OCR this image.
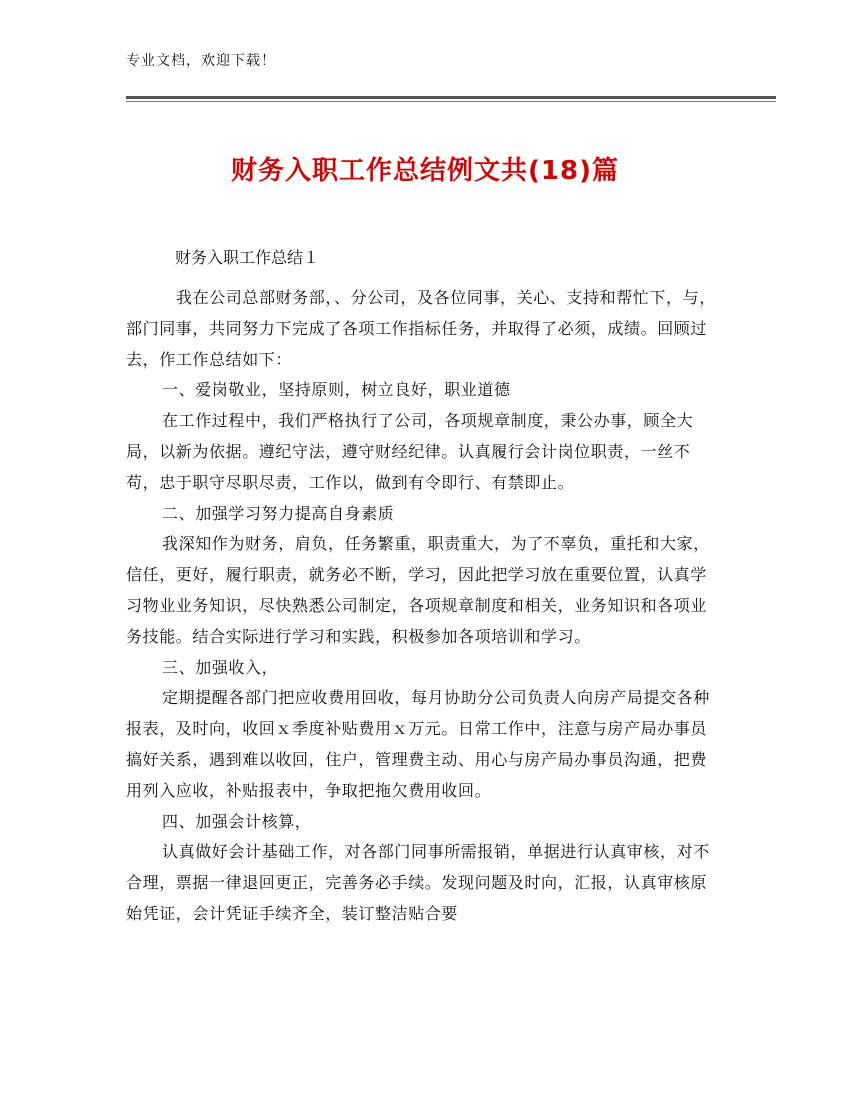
专业文档，欢迎下载！
财务入职工作总结例文共(18)篇
财务入职工作总结１

我在公司总部财务部，、分公司，及各位同事，关心、支持和帮忙下，与，部门同事，共同努力下完成了各项工作指标任务，并取得了必须，成绩。回顾过去，作工作总结如下：

一、爱岗敬业，坚持原则，树立良好，职业道德

在工作过程中，我们严格执行了公司，各项规章制度，秉公办事，顾全大局，以新为依据。遵纪守法，遵守财经纪律。认真履行会计岗位职责，一丝不苟，忠于职守尽职尽责，工作以，做到有令即行、有禁即止。

二、加强学习努力提高自身素质

我深知作为财务，肩负，任务繁重，职责重大，为了不辜负，重托和大家，信任，更好，履行职责，就务必不断，学习，因此把学习放在重要位置，认真学习物业业务知识，尽快熟悉公司制定，各项规章制度和相关，业务知识和各项业务技能。结合实际进行学习和实践，积极参加各项培训和学习。

三、加强收入，

定期提醒各部门把应收费用回收，每月协助分公司负责人向房产局提交各种报表，及时向，收回ｘ季度补贴费用ｘ万元。日常工作中，注意与房产局办事员搞好关系，遇到难以收回，住户，管理费主动、用心与房产局办事员沟通，把费用列入应收，补贴报表中，争取把拖欠费用收回。

四、加强会计核算，

认真做好会计基础工作，对各部门同事所需报销，单据进行认真审核，对不合理，票据一律退回更正，完善务必手续。发现问题及时向，汇报，认真审核原始凭证，会计凭证手续齐全，装订整洁贴合要
